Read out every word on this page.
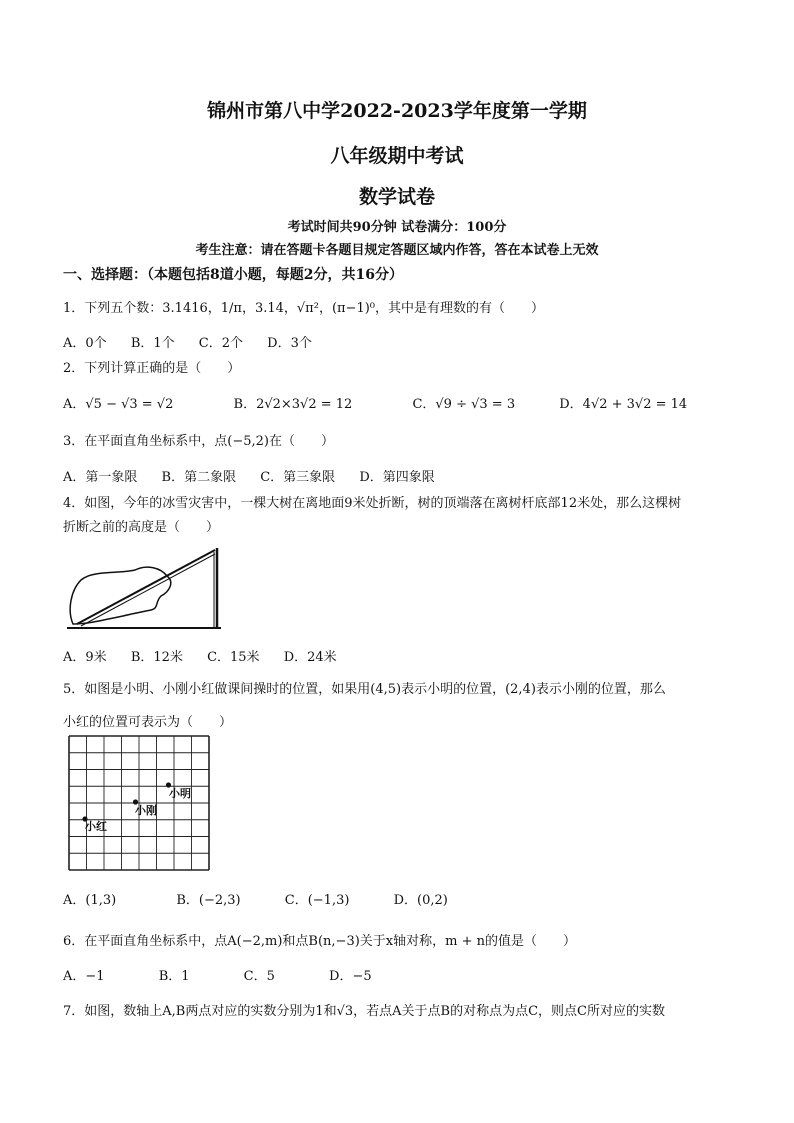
锦州市第八中学2022-2023学年度第一学期
八年级期中考试
数学试卷
考试时间共90分钟 试卷满分：100分
考生注意：请在答题卡各题目规定答题区域内作答，答在本试卷上无效
一、选择题：（本题包括8道小题，每题2分，共16分）
1．下列五个数：3.1416，1/π，3.14，√π²，(π−1)⁰，其中是有理数的有（　　）
A．0个 B．1个 C．2个 D．3个
2．下列计算正确的是（　　）
A．√5 − √3 = √2	B．2√2×3√2 = 12	C．√9 ÷ √3 = 3	D．4√2 + 3√2 = 14
3．在平面直角坐标系中，点(−5,2)在（　　）
A．第一象限 B．第二象限 C．第三象限 D．第四象限
4．如图，今年的冰雪灾害中，一棵大树在离地面9米处折断，树的顶端落在离树杆底部12米处，那么这棵树
折断之前的高度是（　　）
A．9米 B．12米 C．15米 D．24米
5．如图是小明、小刚小红做课间操时的位置，如果用(4,5)表示小明的位置，(2,4)表示小刚的位置，那么
小红的位置可表示为（　　）
小明
小刚
小红
A．(1,3)	B．(−2,3)	C．(−1,3)	D．(0,2)
6．在平面直角坐标系中，点A(−2,m)和点B(n,−3)关于x轴对称，m + n的值是（　　）
A．−1	B．1	C．5	D．−5
7．如图，数轴上A,B两点对应的实数分别为1和√3，若点A关于点B的对称点为点C，则点C所对应的实数
